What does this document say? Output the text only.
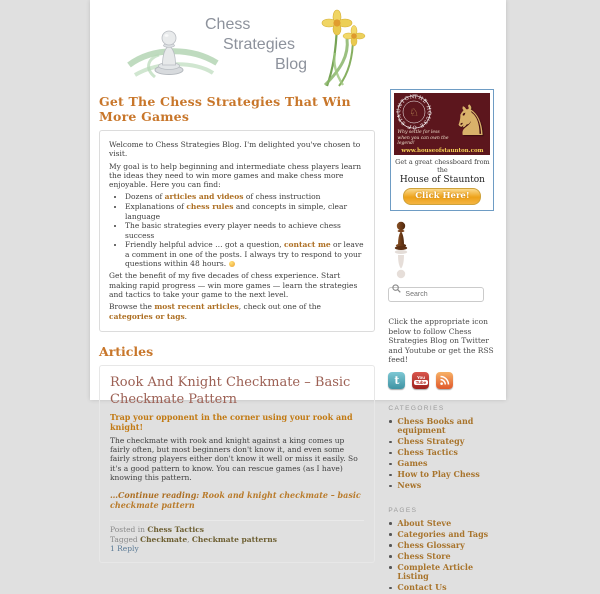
Chess
Strategies
Blog
Get The Chess Strategies That Win More Games

Welcome to Chess Strategies Blog. I'm delighted you've chosen to visit.

My goal is to help beginning and intermediate chess players learn the ideas they need to win more games and make chess more enjoyable. Here you can find:

• Dozens of articles and videos of chess instruction
• Explanations of chess rules and concepts in simple, clear language
• The basic strategies every player needs to achieve chess success
• Friendly helpful advice … got a question, contact me or leave a comment in one of the posts. I always try to respond to your questions within 48 hours.

Get the benefit of my five decades of chess experience. Start making rapid progress — win more games — learn the strategies and tactics to take your game to the next level.

Browse the most recent articles, check out one of the categories or tags.

Articles
Rook And Knight Checkmate – Basic Checkmate Pattern

Trap your opponent in the corner using your rook and knight!

The checkmate with rook and knight against a king comes up fairly often, but most beginners don't know it, and even some fairly strong players either don't know it well or miss it easily. So it's a good pattern to know. You can rescue games (as I have) knowing this pattern.

…Continue reading: Rook and knight checkmate – basic checkmate pattern

Posted in Chess Tactics
Tagged Checkmate, Checkmate patterns
1 Reply
THE HOUSE OF STAUNTON
♘
Why settle for less when you can own the legend!
www.houseofstaunton.com
♞
Get a great chessboard from the
House of Staunton
Click Here!
Search

Click the appropriate icon below to follow Chess Strategies Blog on Twitter and Youtube or get the RSS feed!

t	You
Tube
CATEGORIES
Chess Books and equipment
Chess Strategy
Chess Tactics
Games
How to Play Chess
News
PAGES
About Steve
Categories and Tags
Chess Glossary
Chess Store
Complete Article Listing
Contact Us
